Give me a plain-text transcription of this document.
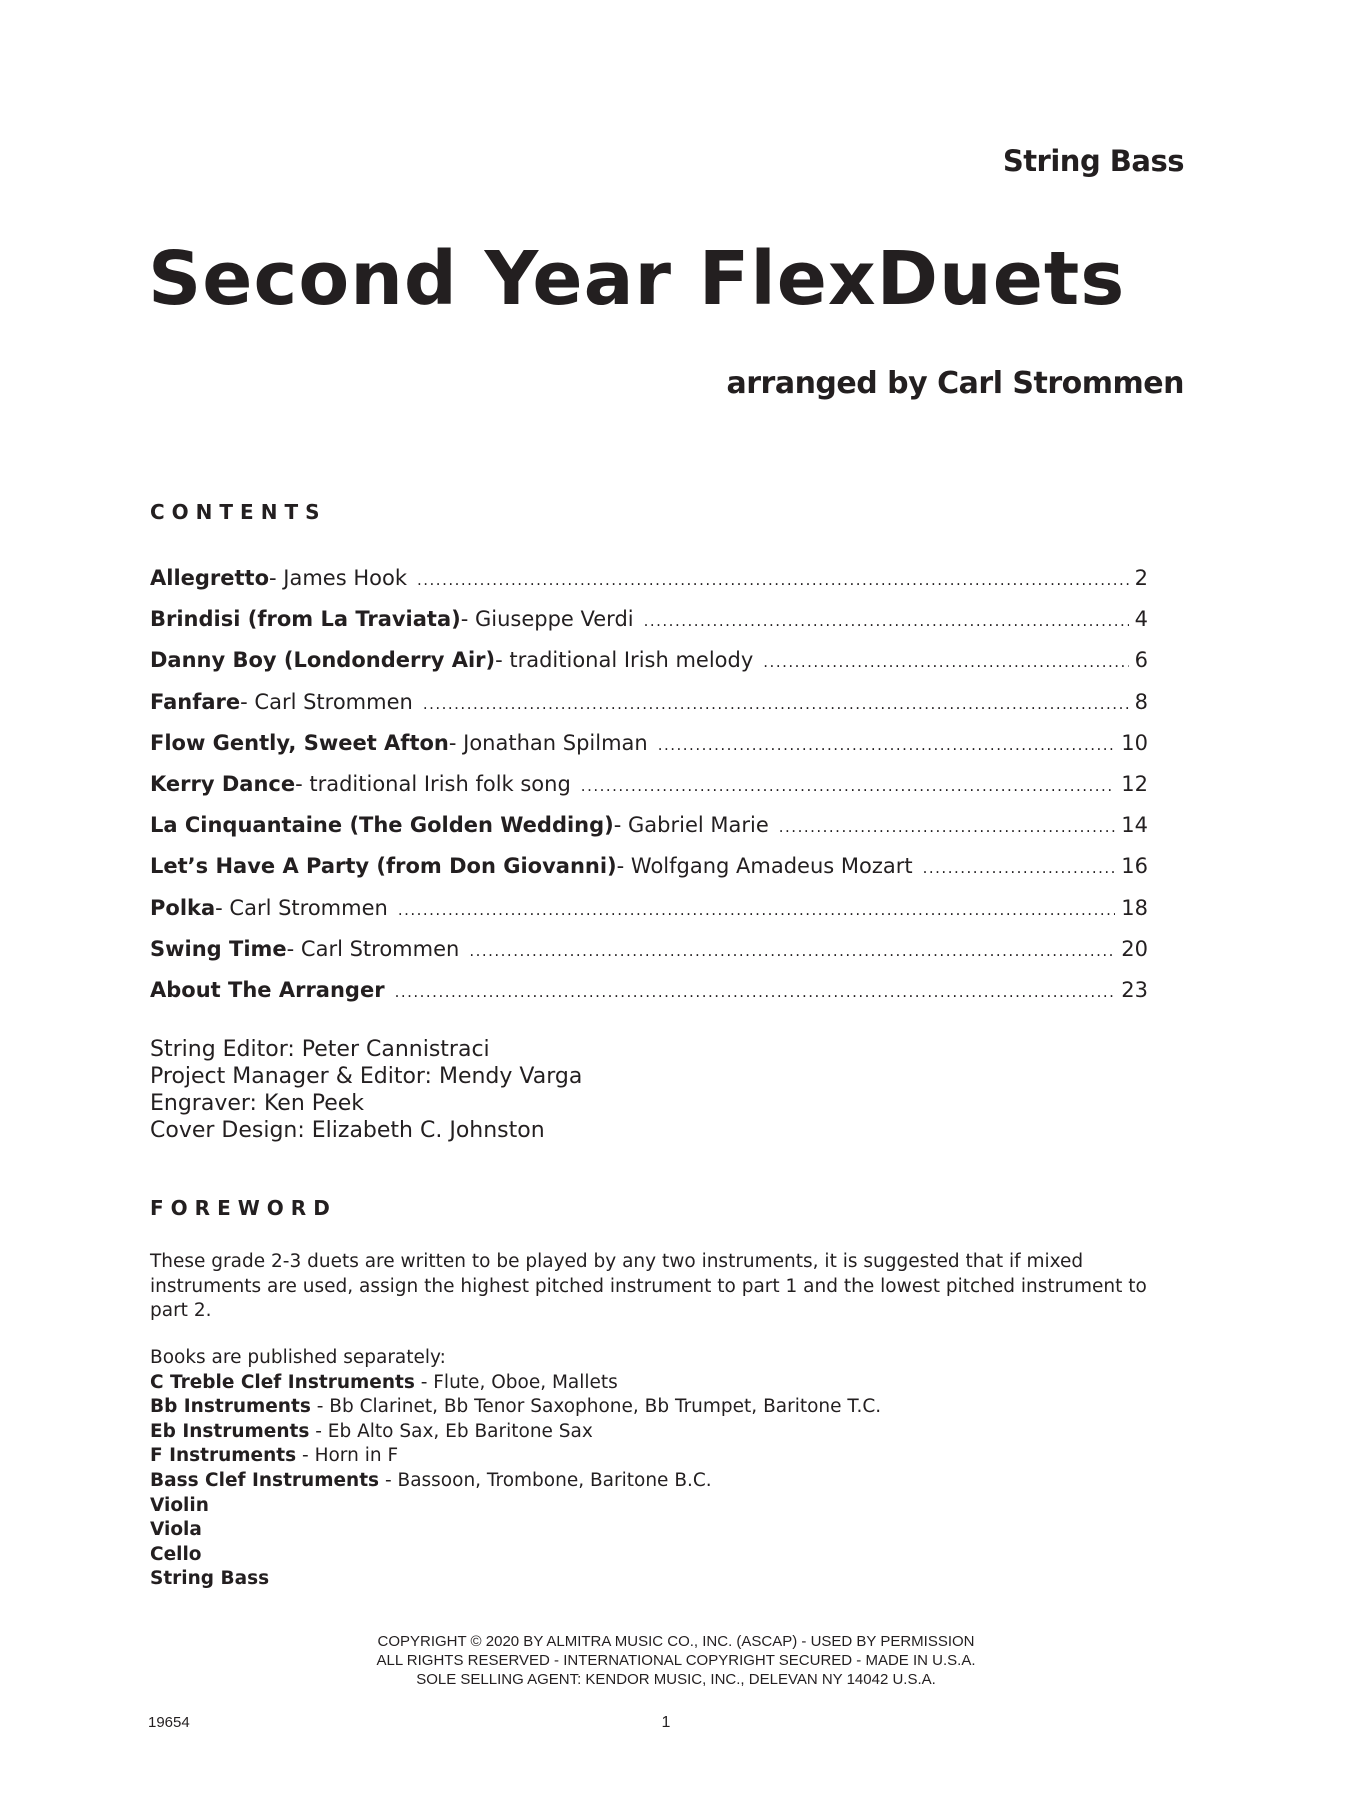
String Bass
Second Year FlexDuets
arranged by Carl Strommen
CONTENTS
Allegretto - James Hook .....	2
Brindisi (from La Traviata) - Giuseppe Verdi .....	4
Danny Boy (Londonderry Air) - traditional Irish melody .....	6
Fanfare - Carl Strommen .....	8
Flow Gently, Sweet Afton - Jonathan Spilman .....	10
Kerry Dance - traditional Irish folk song .....	12
La Cinquantaine (The Golden Wedding) - Gabriel Marie .....	14
Let’s Have A Party (from Don Giovanni) - Wolfgang Amadeus Mozart .....	16
Polka - Carl Strommen .....	18
Swing Time - Carl Strommen .....	20
About The Arranger .....	23
String Editor: Peter Cannistraci
Project Manager & Editor: Mendy Varga
Engraver: Ken Peek
Cover Design: Elizabeth C. Johnston
FOREWORD
These grade 2-3 duets are written to be played by any two instruments, it is suggested that if mixed instruments are used, assign the highest pitched instrument to part 1 and the lowest pitched instrument to part 2.
Books are published separately:
C Treble Clef Instruments - Flute, Oboe, Mallets
Bb Instruments - Bb Clarinet, Bb Tenor Saxophone, Bb Trumpet, Baritone T.C.
Eb Instruments - Eb Alto Sax, Eb Baritone Sax
F Instruments - Horn in F
Bass Clef Instruments - Bassoon, Trombone, Baritone B.C.
Violin
Viola
Cello
String Bass
COPYRIGHT © 2020 BY ALMITRA MUSIC CO., INC. (ASCAP) - USED BY PERMISSION
ALL RIGHTS RESERVED - INTERNATIONAL COPYRIGHT SECURED - MADE IN U.S.A.
SOLE SELLING AGENT: KENDOR MUSIC, INC., DELEVAN NY 14042 U.S.A.
19654	1
